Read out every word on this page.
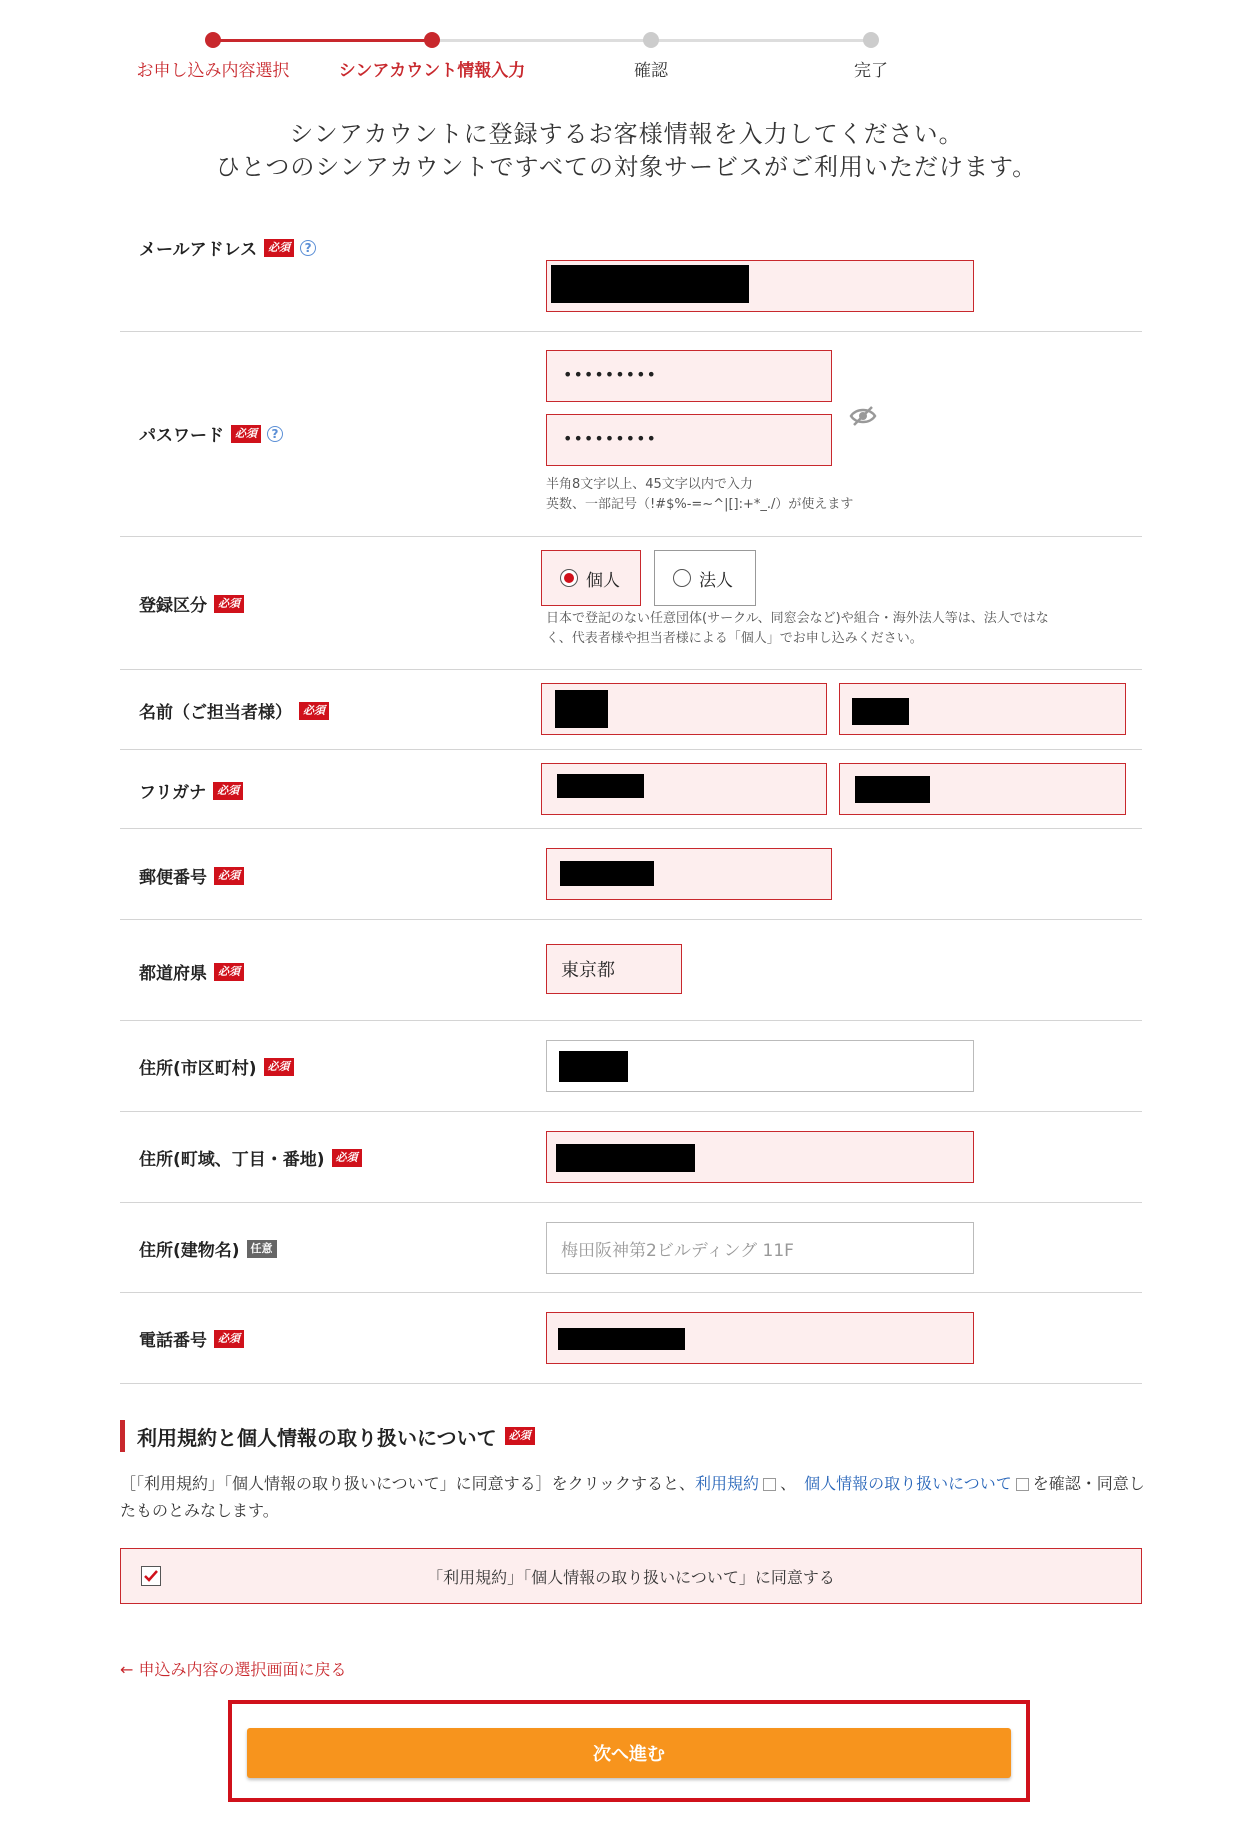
お申し込み内容選択	シンアカウント情報入力	確認	完了
シンアカウントに登録するお客様情報を入力してください。
ひとつのシンアカウントですべての対象サービスがご利用いただけます。
メールアドレス	必須	?
パスワード	必須	?
•••••••••
•••••••••
半角8文字以上、45文字以内で入力
英数、一部記号（!#$%-=~^|[]:+*_./）が使えます
登録区分	必須
個人	法人
日本で登記のない任意団体(サークル、同窓会など)や組合・海外法人等は、法人ではな
く、代表者様や担当者様による「個人」でお申し込みください。
名前（ご担当者様）	必須
フリガナ	必須
郵便番号	必須
都道府県	必須	東京都
住所(市区町村)	必須
住所(町域、丁目・番地)	必須
住所(建物名)	任意	梅田阪神第2ビルディング 11F
電話番号	必須
利用規約と個人情報の取り扱いについて	必須
［「利用規約」「個人情報の取り扱いについて」に同意する］をクリックすると、利用規約 、 個人情報の取り扱いについて を確認・同意したものとみなします。
「利用規約」「個人情報の取り扱いについて」に同意する
← 申込み内容の選択画面に戻る
次へ進む
